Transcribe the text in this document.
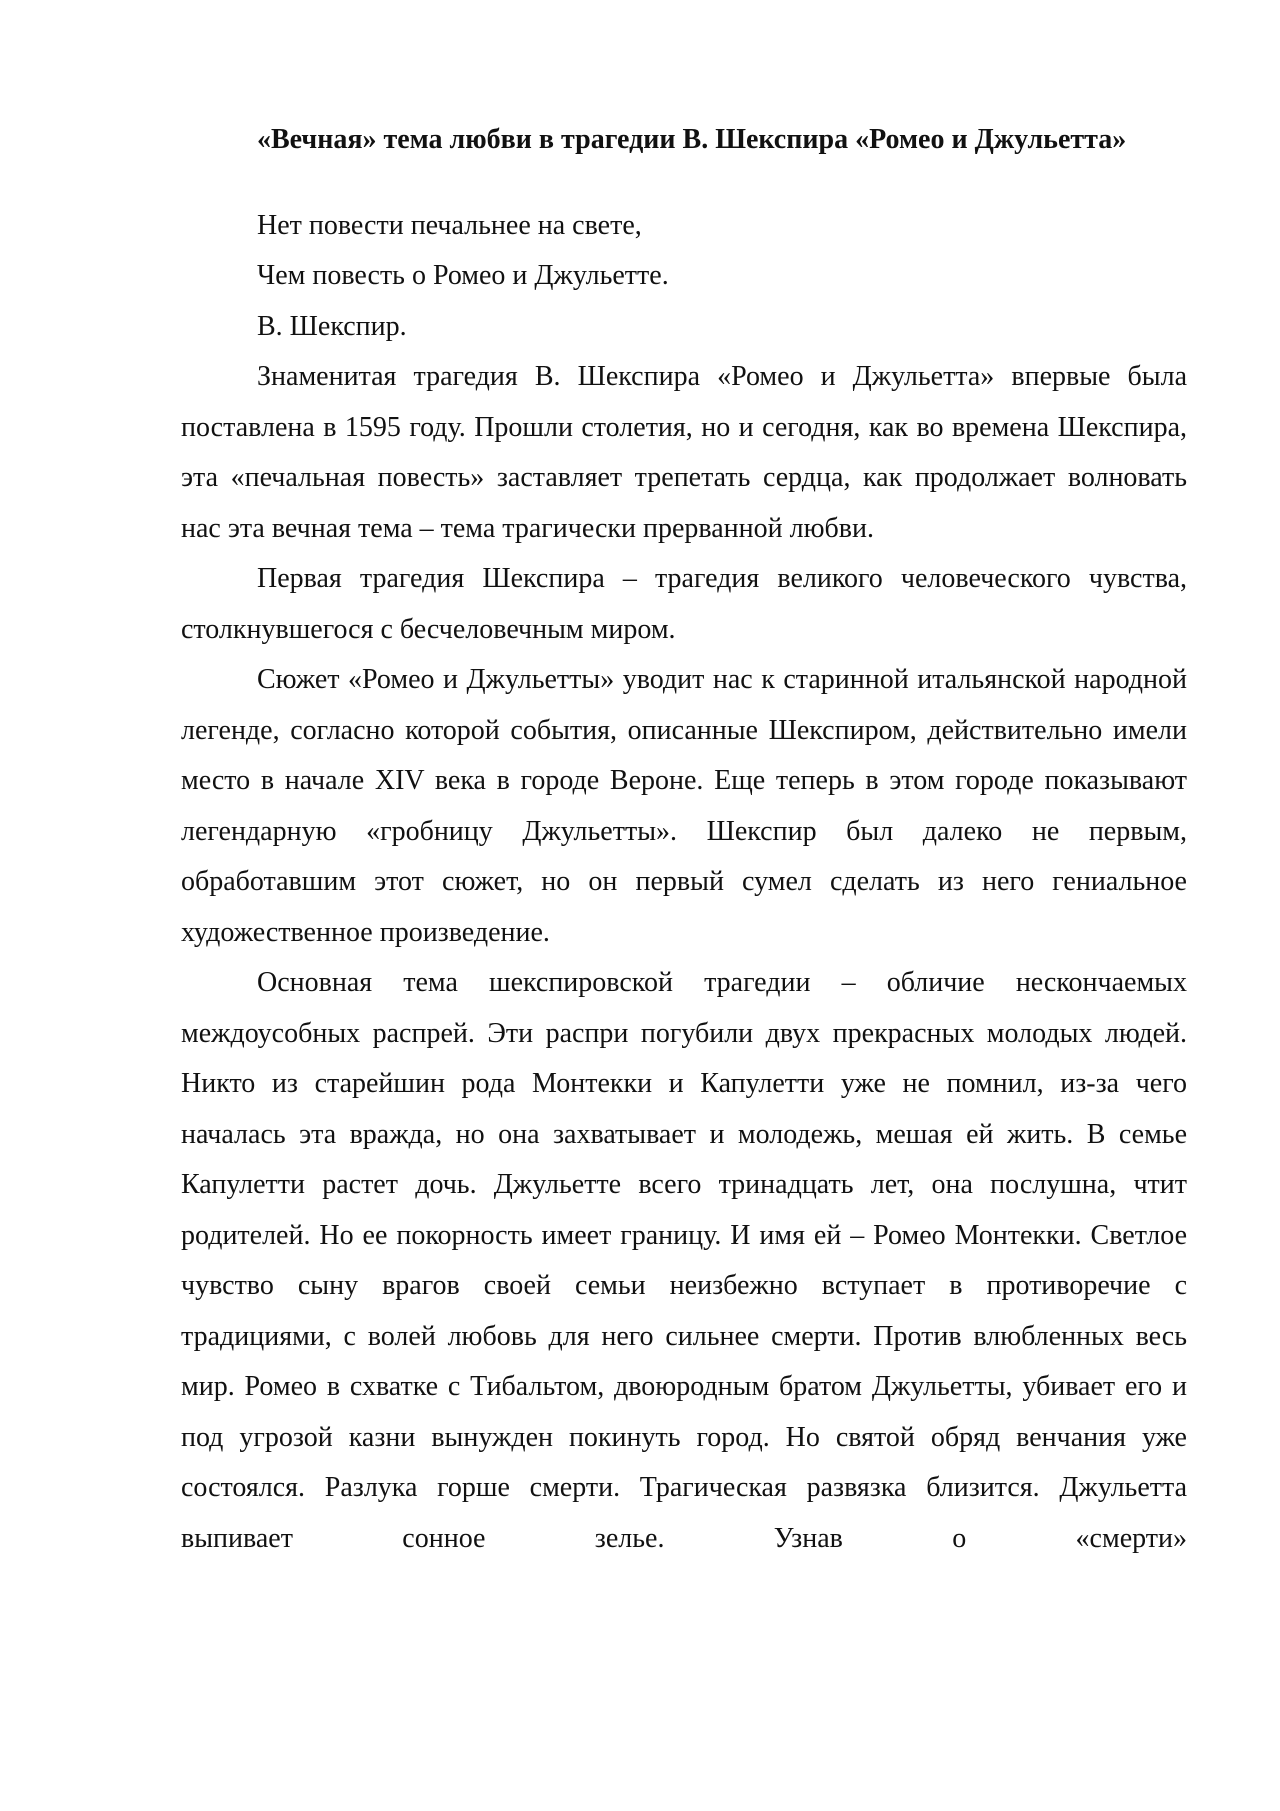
«Вечная» тема любви в трагедии В. Шекспира «Ромео и Джульетта»

Нет повести печальнее на свете,

Чем повесть о Ромео и Джульетте.

В. Шекспир.

Знаменитая трагедия В. Шекспира «Ромео и Джульетта» впервые была поставлена в 1595 году. Прошли столетия, но и сегодня, как во времена Шекспира, эта «печальная повесть» заставляет трепетать сердца, как продолжает волновать нас эта вечная тема – тема трагически прерванной любви.

Первая трагедия Шекспира – трагедия великого человеческого чувства, столкнувшегося с бесчеловечным миром.

Сюжет «Ромео и Джульетты» уводит нас к старинной итальянской народной легенде, согласно которой события, описанные Шекспиром, действительно имели место в начале XIV века в городе Вероне. Еще теперь в этом городе показывают легендарную «гробницу Джульетты». Шекспир был далеко не первым, обработавшим этот сюжет, но он первый сумел сделать из него гениальное художественное произведение.

Основная тема шекспировской трагедии – обличие нескончаемых междоусобных распрей. Эти распри погубили двух прекрасных молодых людей. Никто из старейшин рода Монтекки и Капулетти уже не помнил, из-за чего началась эта вражда, но она захватывает и молодежь, мешая ей жить. В семье Капулетти растет дочь. Джульетте всего тринадцать лет, она послушна, чтит родителей. Но ее покорность имеет границу. И имя ей – Ромео Монтекки. Светлое чувство сыну врагов своей семьи неизбежно вступает в противоречие с традициями, с волей любовь для него сильнее смерти. Против влюбленных весь мир. Ромео в схватке с Тибальтом, двоюродным братом Джульетты, убивает его и под угрозой казни вынужден покинуть город. Но святой обряд венчания уже состоялся. Разлука горше смерти. Трагическая развязка близится. Джульетта выпивает сонное зелье. Узнав о «смерти»
